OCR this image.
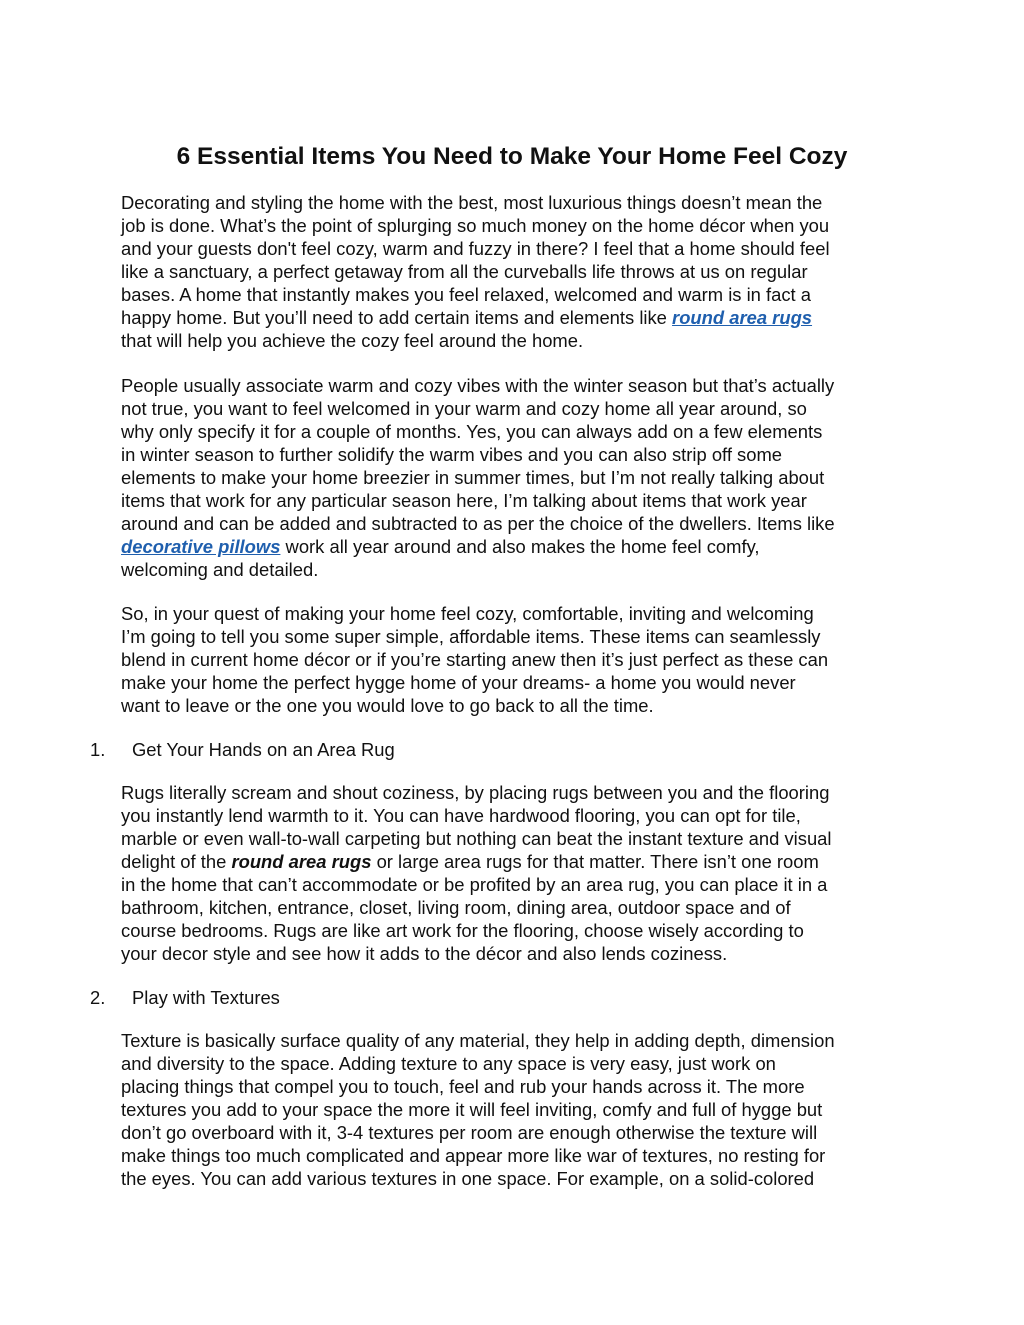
6 Essential Items You Need to Make Your Home Feel Cozy
Decorating and styling the home with the best, most luxurious things doesn’t mean the
job is done. What’s the point of splurging so much money on the home décor when you
and your guests don't feel cozy, warm and fuzzy in there? I feel that a home should feel
like a sanctuary, a perfect getaway from all the curveballs life throws at us on regular
bases. A home that instantly makes you feel relaxed, welcomed and warm is in fact a
happy home. But you’ll need to add certain items and elements like round area rugs
that will help you achieve the cozy feel around the home.
People usually associate warm and cozy vibes with the winter season but that’s actually
not true, you want to feel welcomed in your warm and cozy home all year around, so
why only specify it for a couple of months. Yes, you can always add on a few elements
in winter season to further solidify the warm vibes and you can also strip off some
elements to make your home breezier in summer times, but I’m not really talking about
items that work for any particular season here, I’m talking about items that work year
around and can be added and subtracted to as per the choice of the dwellers. Items like
decorative pillows work all year around and also makes the home feel comfy,
welcoming and detailed.
So, in your quest of making your home feel cozy, comfortable, inviting and welcoming
I’m going to tell you some super simple, affordable items. These items can seamlessly
blend in current home décor or if you’re starting anew then it’s just perfect as these can
make your home the perfect hygge home of your dreams- a home you would never
want to leave or the one you would love to go back to all the time.
1. Get Your Hands on an Area Rug
Rugs literally scream and shout coziness, by placing rugs between you and the flooring
you instantly lend warmth to it. You can have hardwood flooring, you can opt for tile,
marble or even wall-to-wall carpeting but nothing can beat the instant texture and visual
delight of the round area rugs or large area rugs for that matter. There isn’t one room
in the home that can’t accommodate or be profited by an area rug, you can place it in a
bathroom, kitchen, entrance, closet, living room, dining area, outdoor space and of
course bedrooms. Rugs are like art work for the flooring, choose wisely according to
your decor style and see how it adds to the décor and also lends coziness.
2. Play with Textures
Texture is basically surface quality of any material, they help in adding depth, dimension
and diversity to the space. Adding texture to any space is very easy, just work on
placing things that compel you to touch, feel and rub your hands across it. The more
textures you add to your space the more it will feel inviting, comfy and full of hygge but
don’t go overboard with it, 3-4 textures per room are enough otherwise the texture will
make things too much complicated and appear more like war of textures, no resting for
the eyes. You can add various textures in one space. For example, on a solid-colored
